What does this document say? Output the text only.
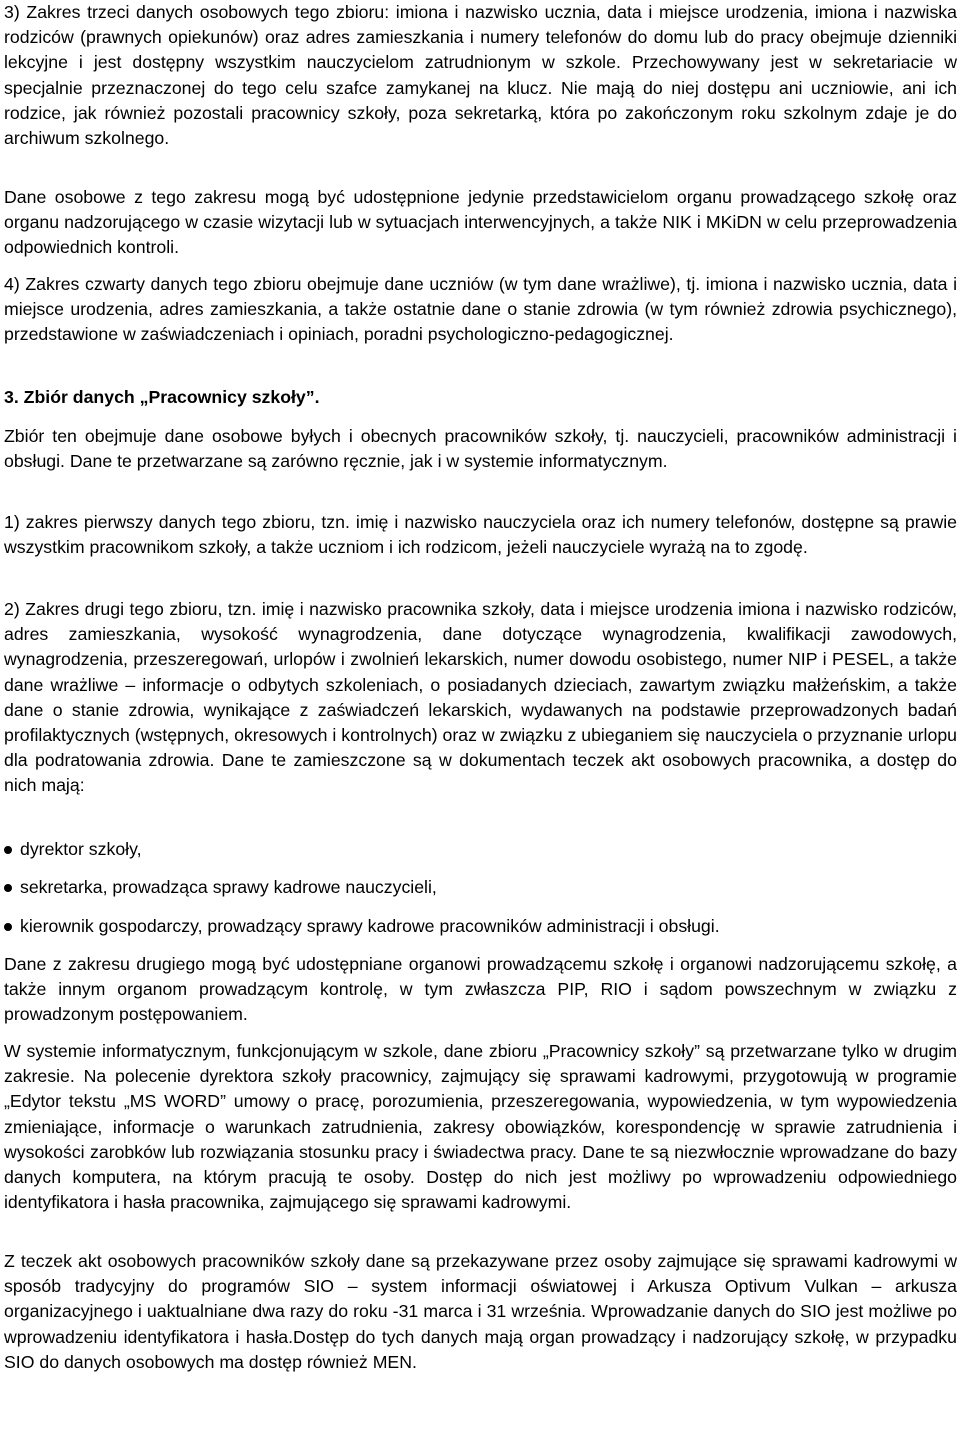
3) Zakres trzeci danych osobowych tego zbioru: imiona i nazwisko ucznia, data i miejsce urodzenia, imiona i nazwiska rodziców (prawnych opiekunów) oraz adres zamieszkania i numery telefonów do domu lub do pracy obejmuje dzienniki lekcyjne i jest dostępny wszystkim nauczycielom zatrudnionym w szkole. Przechowywany jest w sekretariacie w specjalnie przeznaczonej do tego celu szafce zamykanej na klucz. Nie mają do niej dostępu ani uczniowie, ani ich rodzice, jak również pozostali pracownicy szkoły, poza sekretarką, która po zakończonym roku szkolnym zdaje je do archiwum szkolnego.

Dane osobowe z tego zakresu mogą być udostępnione jedynie przedstawicielom organu prowadzącego szkołę oraz organu nadzorującego w czasie wizytacji lub w sytuacjach interwencyjnych, a także NIK i MKiDN w celu przeprowadzenia odpowiednich kontroli.

4) Zakres czwarty danych tego zbioru obejmuje dane uczniów (w tym dane wrażliwe), tj. imiona i nazwisko ucznia, data i miejsce urodzenia, adres zamieszkania, a także ostatnie dane o stanie zdrowia (w tym również zdrowia psychicznego), przedstawione w zaświadczeniach i opiniach, poradni psychologiczno-pedagogicznej.

3. Zbiór danych „Pracownicy szkoły”.

Zbiór ten obejmuje dane osobowe byłych i obecnych pracowników szkoły, tj. nauczycieli, pracowników administracji i obsługi. Dane te przetwarzane są zarówno ręcznie, jak i w systemie informatycznym.

1) zakres pierwszy danych tego zbioru, tzn. imię i nazwisko nauczyciela oraz ich numery telefonów, dostępne są prawie wszystkim pracownikom szkoły, a także uczniom i ich rodzicom, jeżeli nauczyciele wyrażą na to zgodę.

2) Zakres drugi tego zbioru, tzn. imię i nazwisko pracownika szkoły, data i miejsce urodzenia imiona i nazwisko rodziców, adres zamieszkania, wysokość wynagrodzenia, dane dotyczące wynagrodzenia, kwalifikacji zawodowych, wynagrodzenia, przeszeregowań, urlopów i zwolnień lekarskich, numer dowodu osobistego, numer NIP i PESEL, a także dane wrażliwe – informacje o odbytych szkoleniach, o posiadanych dzieciach, zawartym związku małżeńskim, a także dane o stanie zdrowia, wynikające z zaświadczeń lekarskich, wydawanych na podstawie przeprowadzonych badań profilaktycznych (wstępnych, okresowych i kontrolnych) oraz w związku z ubieganiem się nauczyciela o przyznanie urlopu dla podratowania zdrowia. Dane te zamieszczone są w dokumentach teczek akt osobowych pracownika, a dostęp do nich mają:

dyrektor szkoły,
sekretarka, prowadząca sprawy kadrowe nauczycieli,
kierownik gospodarczy, prowadzący sprawy kadrowe pracowników administracji i obsługi.

Dane z zakresu drugiego mogą być udostępniane organowi prowadzącemu szkołę i organowi nadzorującemu szkołę, a także innym organom prowadzącym kontrolę, w tym zwłaszcza PIP, RIO i sądom powszechnym w związku z prowadzonym postępowaniem.

W systemie informatycznym, funkcjonującym w szkole, dane zbioru „Pracownicy szkoły” są przetwarzane tylko w drugim zakresie. Na polecenie dyrektora szkoły pracownicy, zajmujący się sprawami kadrowymi, przygotowują w programie „Edytor tekstu „MS WORD” umowy o pracę, porozumienia, przeszeregowania, wypowiedzenia, w tym wypowiedzenia zmieniające, informacje o warunkach zatrudnienia, zakresy obowiązków, korespondencję w sprawie zatrudnienia i wysokości zarobków lub rozwiązania stosunku pracy i świadectwa pracy. Dane te są niezwłocznie wprowadzane do bazy danych komputera, na którym pracują te osoby. Dostęp do nich jest możliwy po wprowadzeniu odpowiedniego identyfikatora i hasła pracownika, zajmującego się sprawami kadrowymi.

Z teczek akt osobowych pracowników szkoły dane są przekazywane przez osoby zajmujące się sprawami kadrowymi w sposób tradycyjny do programów SIO – system informacji oświatowej i Arkusza Optivum Vulkan – arkusza organizacyjnego i uaktualniane dwa razy do roku -31 marca i 31 września. Wprowadzanie danych do SIO jest możliwe po wprowadzeniu identyfikatora i hasła.Dostęp do tych danych mają organ prowadzący i nadzorujący szkołę, w przypadku SIO do danych osobowych ma dostęp również MEN.
